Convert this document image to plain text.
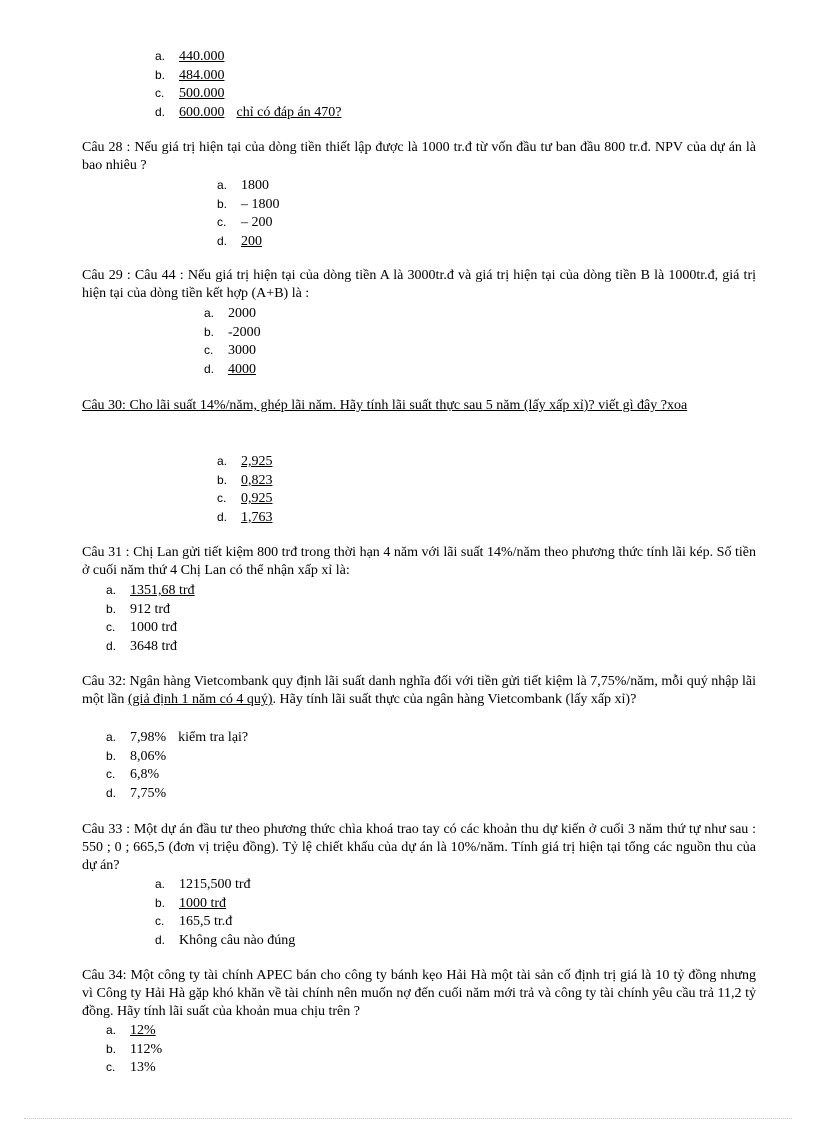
a. 440.000
b. 484.000
c. 500.000
d. 600.000 chỉ có đáp án 470?
Câu 28 : Nếu giá trị hiện tại của dòng tiền thiết lập được là 1000 tr.đ từ vốn đầu tư ban đầu 800 tr.đ. NPV của dự án là bao nhiêu ?
a. 1800
b. – 1800
c. – 200
d. 200
Câu 29 : Câu 44 : Nếu giá trị hiện tại của dòng tiền A là 3000tr.đ và giá trị hiện tại của dòng tiền B là 1000tr.đ, giá trị hiện tại của dòng tiền kết hợp (A+B) là :
a. 2000
b. -2000
c. 3000
d. 4000
Câu 30: Cho lãi suất 14%/năm, ghép lãi năm. Hãy tính lãi suất thực sau 5 năm (lấy xấp xỉ)? viết gì đây ?xoa
a. 2,925
b. 0,823
c. 0,925
d. 1,763
Câu 31 : Chị Lan gửi tiết kiệm 800 trđ trong thời hạn 4 năm với lãi suất 14%/năm theo phương thức tính lãi kép. Số tiền ở cuối năm thứ 4 Chị Lan có thể nhận xấp xỉ là:
a. 1351,68 trđ
b. 912 trđ
c. 1000 trđ
d. 3648 trđ
Câu 32: Ngân hàng Vietcombank quy định lãi suất danh nghĩa đối với tiền gửi tiết kiệm là 7,75%/năm, mỗi quý nhập lãi một lần (giả định 1 năm có 4 quý). Hãy tính lãi suất thực của ngân hàng Vietcombank (lấy xấp xỉ)?
a. 7,98% kiểm tra lại?
b. 8,06%
c. 6,8%
d. 7,75%
Câu 33 : Một dự án đầu tư theo phương thức chìa khoá trao tay có các khoản thu dự kiến ở cuối 3 năm thứ tự như sau : 550 ; 0 ; 665,5 (đơn vị triệu đồng). Tỷ lệ chiết khấu của dự án là 10%/năm. Tính giá trị hiện tại tổng các nguồn thu của dự án?
a. 1215,500 trđ
b. 1000 trđ
c. 165,5 tr.đ
d. Không câu nào đúng
Câu 34: Một công ty tài chính APEC bán cho công ty bánh kẹo Hải Hà một tài sản cố định trị giá là 10 tỷ đồng nhưng vì Công ty Hải Hà gặp khó khăn về tài chính nên muốn nợ đến cuối năm mới trả và công ty tài chính yêu cầu trả 11,2 tỷ đồng. Hãy tính lãi suất của khoản mua chịu trên ?
a. 12%
b. 112%
c. 13%
